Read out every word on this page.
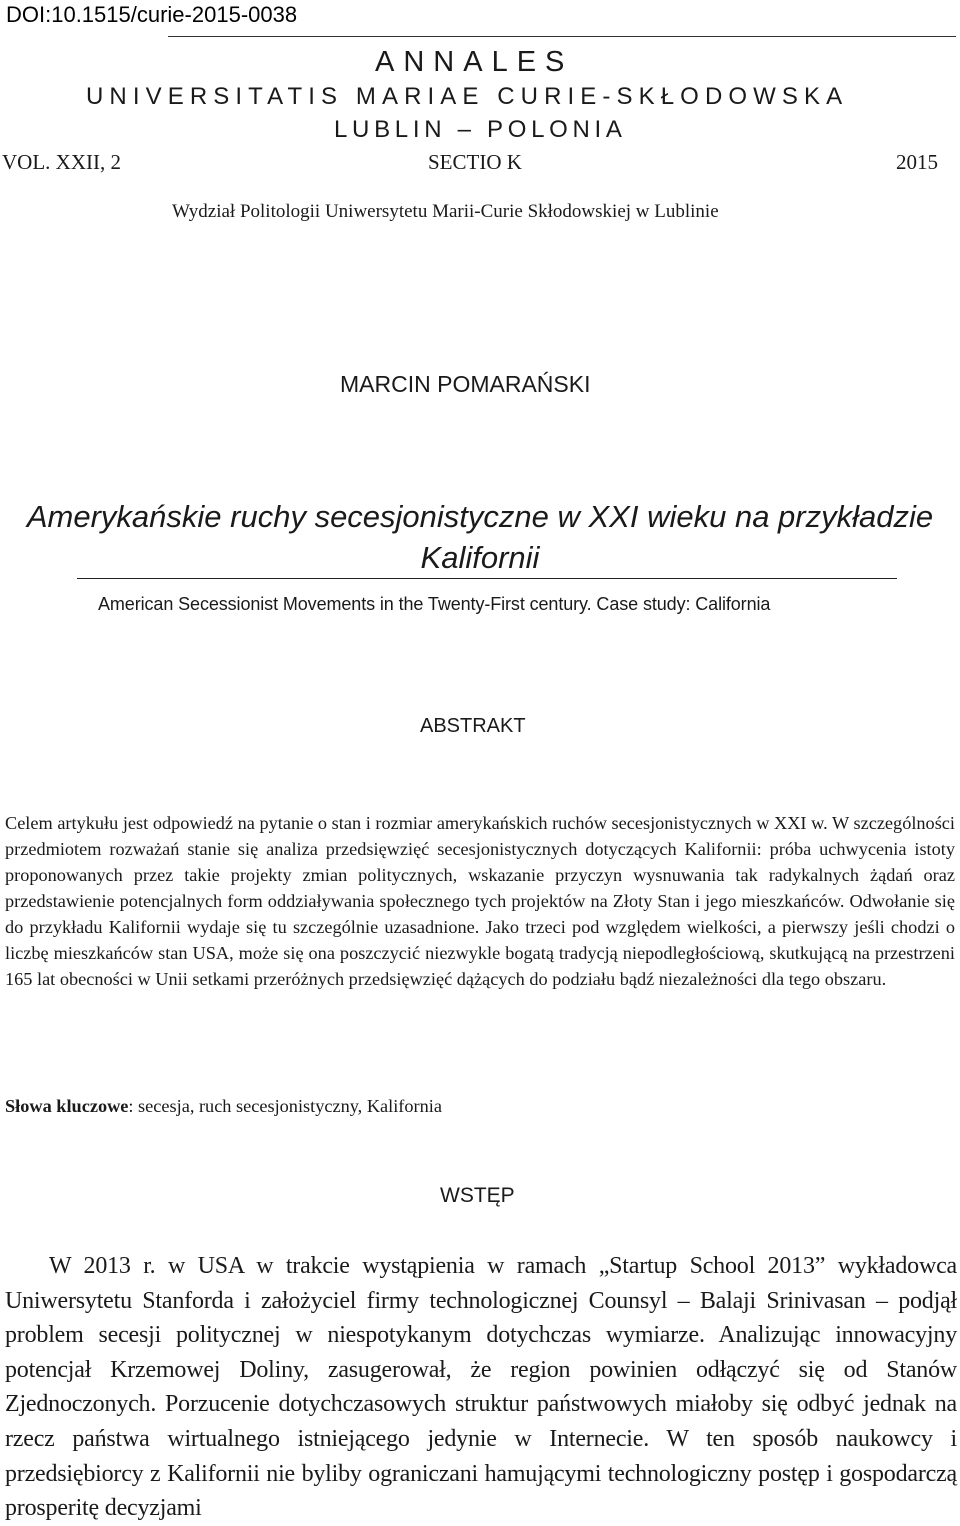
DOI:10.1515/curie-2015-0038
ANNALES
UNIVERSITATIS MARIAE CURIE-SKŁODOWSKA
LUBLIN – POLONIA
VOL. XXII, 2	SECTIO K	2015
Wydział Politologii Uniwersytetu Marii-Curie Skłodowskiej w Lublinie
MARCIN POMARAŃSKI
Amerykańskie ruchy secesjonistyczne w XXI wieku na przykładzie Kalifornii
American Secessionist Movements in the Twenty-First century. Case study: California
ABSTRAKT
Celem artykułu jest odpowiedź na pytanie o stan i rozmiar amerykańskich ruchów secesjonistycznych w XXI w. W szczególności przedmiotem rozważań stanie się analiza przedsięwzięć secesjonistycznych dotyczących Kalifornii: próba uchwycenia istoty proponowanych przez takie projekty zmian politycznych, wskazanie przyczyn wysnuwania tak radykalnych żądań oraz przedstawienie potencjalnych form oddziaływania społecznego tych projektów na Złoty Stan i jego mieszkańców. Odwołanie się do przykładu Kalifornii wydaje się tu szczególnie uzasadnione. Jako trzeci pod względem wielkości, a pierwszy jeśli chodzi o liczbę mieszkańców stan USA, może się ona poszczycić niezwykle bogatą tradycją niepodległościową, skutkującą na przestrzeni 165 lat obecności w Unii setkami przeróżnych przedsięwzięć dążących do podziału bądź niezależności dla tego obszaru.
Słowa kluczowe: secesja, ruch secesjonistyczny, Kalifornia
WSTĘP
W 2013 r. w USA w trakcie wystąpienia w ramach „Startup School 2013” wykładowca Uniwersytetu Stanforda i założyciel firmy technologicznej Counsyl – Balaji Srinivasan – podjął problem secesji politycznej w niespotykanym dotychczas wymiarze. Analizując innowacyjny potencjał Krzemowej Doliny, zasugerował, że region powinien odłączyć się od Stanów Zjednoczonych. Porzucenie dotychczasowych struktur państwowych miałoby się odbyć jednak na rzecz państwa wirtualnego istniejącego jedynie w Internecie. W ten sposób naukowcy i przedsiębiorcy z Kalifornii nie byliby ograniczani hamującymi technologiczny postęp i gospodarczą prosperitę decyzjami
